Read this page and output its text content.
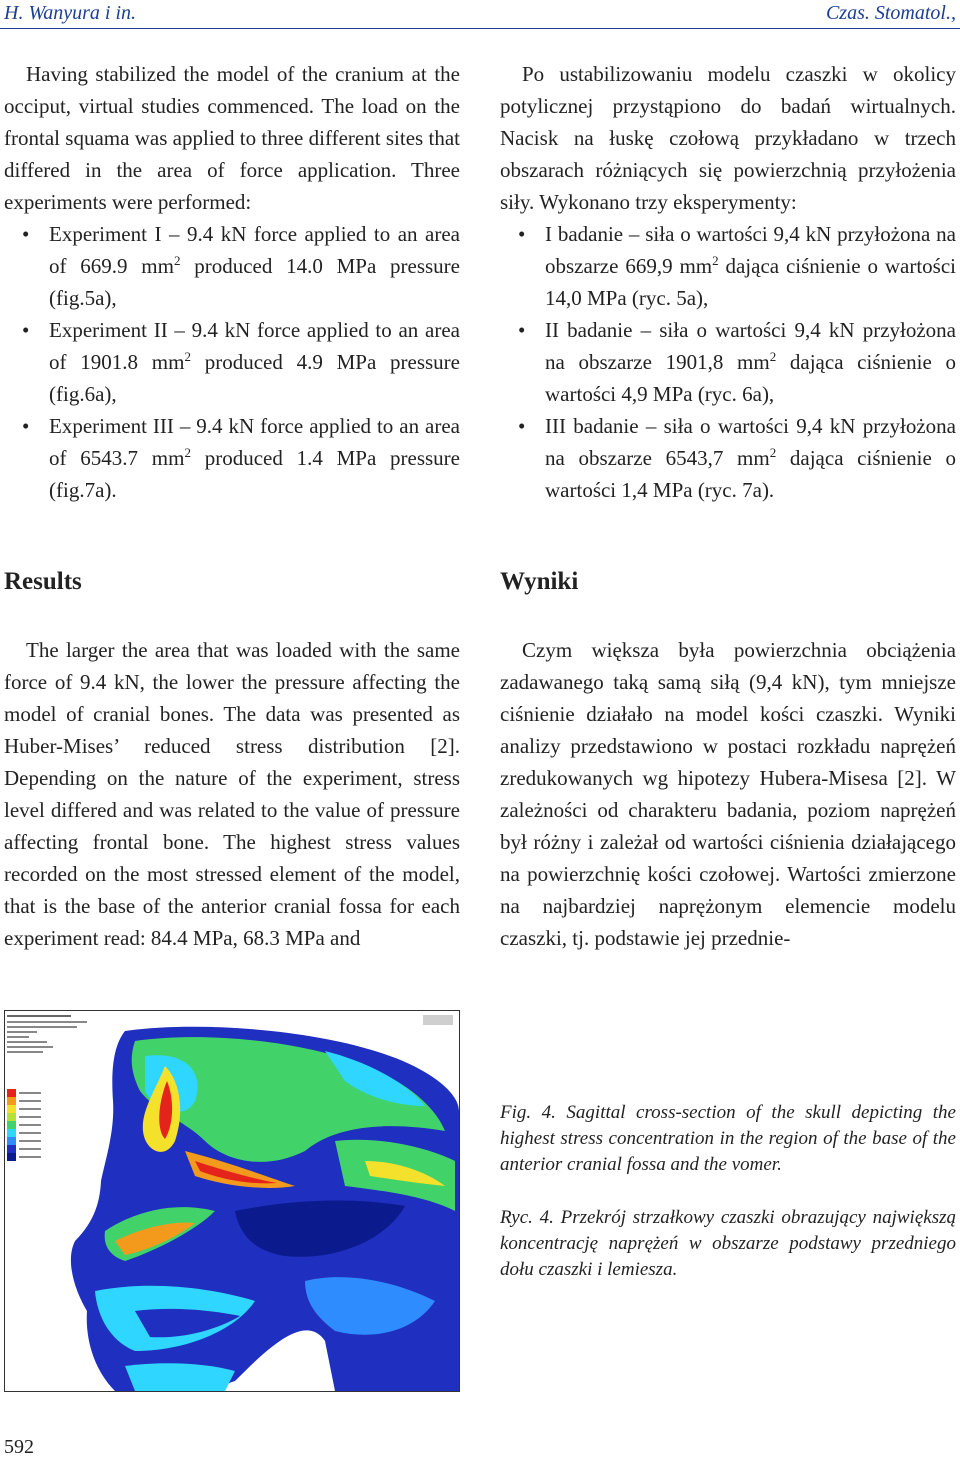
H. Wanyura i in.	Czas. Stomatol.,

Having stabilized the model of the cranium at the occiput, virtual studies commenced. The load on the frontal squama was applied to three different sites that differed in the area of force application. Three experiments were performed:

• Experiment I – 9.4 kN force applied to an area of 669.9 $mm^2$ produced 14.0 MPa pressure (fig.5a),
• Experiment II – 9.4 kN force applied to an area of 1901.8 $mm^2$ produced 4.9 MPa pressure (fig.6a),
• Experiment III – 9.4 kN force applied to an area of 6543.7 $mm^2$ produced 1.4 MPa pressure (fig.7a).

Po ustabilizowaniu modelu czaszki w okolicy potylicznej przystąpiono do badań wirtualnych. Nacisk na łuskę czołową przykładano w trzech obszarach różniących się powierzchnią przyłożenia siły. Wykonano trzy eksperymenty:

• I badanie – siła o wartości 9,4 kN przyłożona na obszarze 669,9 $mm^2$ dająca ciśnienie o wartości 14,0 MPa (ryc. 5a),
• II badanie – siła o wartości 9,4 kN przyłożona na obszarze 1901,8 $mm^2$ dająca ciśnienie o wartości 4,9 MPa (ryc. 6a),
• III badanie – siła o wartości 9,4 kN przyłożona na obszarze 6543,7 $mm^2$ dająca ciśnienie o wartości 1,4 MPa (ryc. 7a).
Results	Wyniki

The larger the area that was loaded with the same force of 9.4 kN, the lower the pressure affecting the model of cranial bones. The data was presented as Huber-Mises’ reduced stress distribution [2]. Depending on the nature of the experiment, stress level differed and was related to the value of pressure affecting frontal bone. The highest stress values recorded on the most stressed element of the model, that is the base of the anterior cranial fossa for each experiment read: 84.4 MPa, 68.3 MPa and

Czym większa była powierzchnia obciążenia zadawanego taką samą siłą (9,4 kN), tym mniejsze ciśnienie działało na model kości czaszki. Wyniki analizy przedstawiono w postaci rozkładu naprężeń zredukowanych wg hipotezy Hubera-Misesa [2]. W zależności od charakteru badania, poziom naprężeń był różny i zależał od wartości ciśnienia działającego na powierzchnię kości czołowej. Wartości zmierzone na najbardziej naprężonym elemencie modelu czaszki, tj. podstawie jej przednie-

Fig. 4. Sagittal cross-section of the skull depicting the highest stress concentration in the region of the base of the anterior cranial fossa and the vomer.
Ryc. 4. Przekrój strzałkowy czaszki obrazujący największą koncentrację naprężeń w obszarze podstawy przedniego dołu czaszki i lemiesza.
592
